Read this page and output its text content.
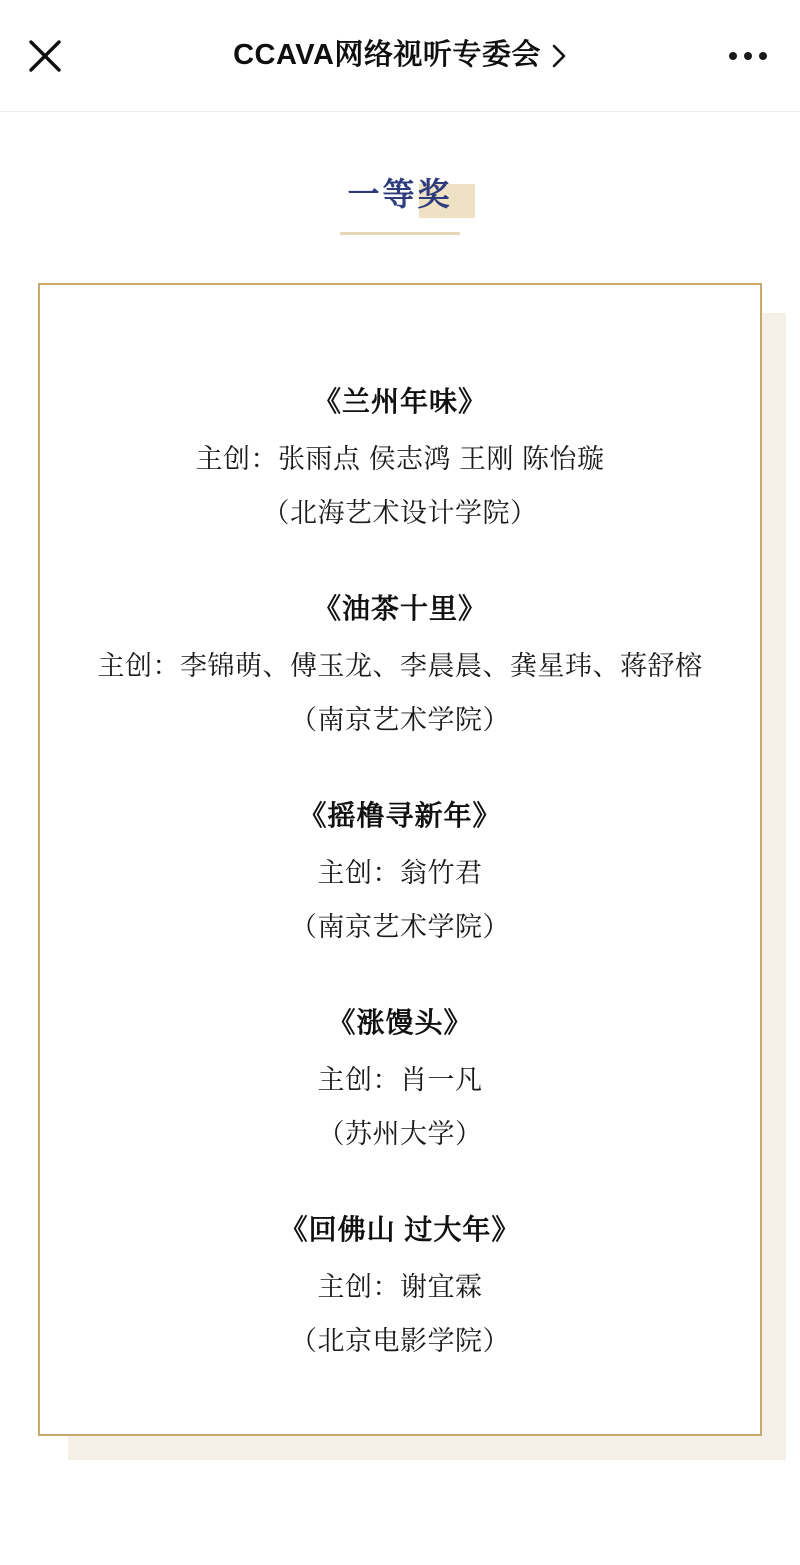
CCAVA网络视听专委会
一等奖
《兰州年味》
主创：张雨点 侯志鸿 王刚 陈怡璇
（北海艺术设计学院）
《油茶十里》
主创：李锦萌、傅玉龙、李晨晨、龚星玮、蒋舒榕
（南京艺术学院）
《摇橹寻新年》
主创：翁竹君
（南京艺术学院）
《涨馒头》
主创：肖一凡
（苏州大学）
《回佛山 过大年》
主创：谢宜霖
（北京电影学院）
